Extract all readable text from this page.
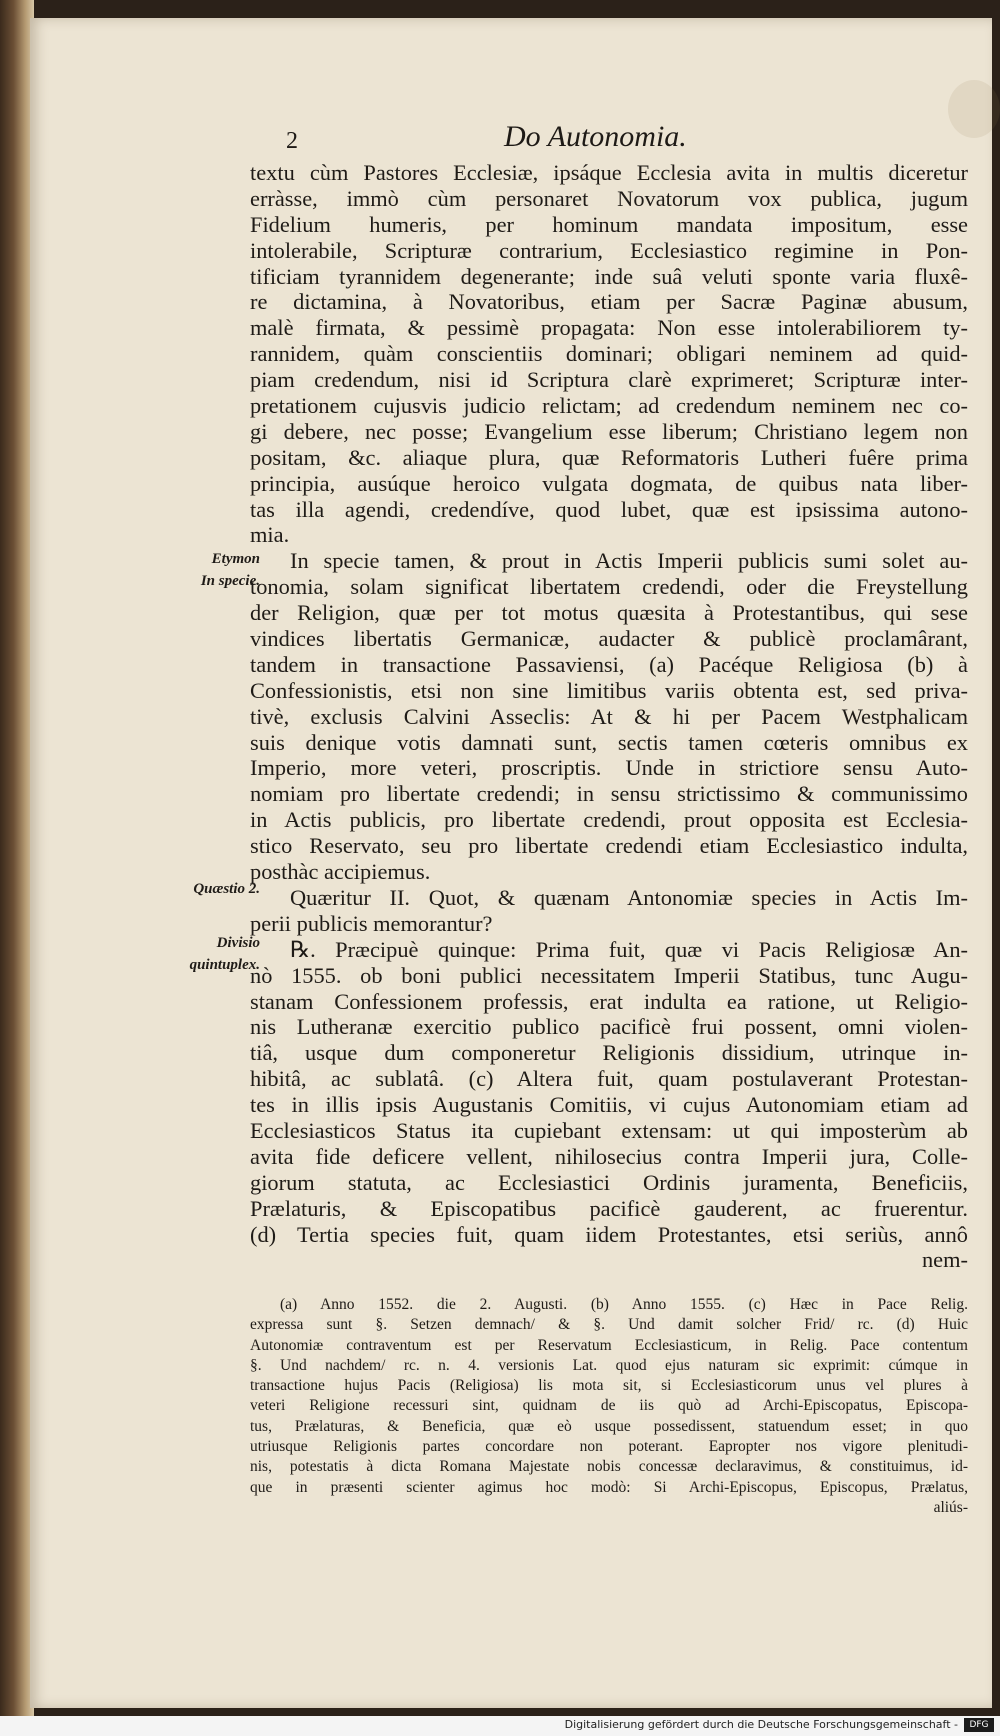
2	Do Autonomia.
Etymon
In specie.
Quæstio 2.
Divisio
quintuplex.
textu cùm Pastores Ecclesiæ, ipsáque Ecclesia avita in multis diceretur
erràsse, immò cùm personaret Novatorum vox publica, jugum
Fidelium humeris, per hominum mandata impositum, esse
intolerabile, Scripturæ contrarium, Ecclesiastico regimine in Pon-
tificiam tyrannidem degenerante; inde suâ veluti sponte varia fluxê-
re dictamina, à Novatoribus, etiam per Sacræ Paginæ abusum,
malè firmata, & pessimè propagata: Non esse intolerabiliorem ty-
rannidem, quàm conscientiis dominari; obligari neminem ad quid-
piam credendum, nisi id Scriptura clarè exprimeret; Scripturæ inter-
pretationem cujusvis judicio relictam; ad credendum neminem nec co-
gi debere, nec posse; Evangelium esse liberum; Christiano legem non
positam, &c. aliaque plura, quæ Reformatoris Lutheri fuêre prima
principia, ausúque heroico vulgata dogmata, de quibus nata liber-
tas illa agendi, credendíve, quod lubet, quæ est ipsissima autono-
mia.
In specie tamen, & prout in Actis Imperii publicis sumi solet au-
tonomia, solam significat libertatem credendi, oder die Freystellung
der Religion, quæ per tot motus quæsita à Protestantibus, qui sese
vindices libertatis Germanicæ, audacter & publicè proclamârant,
tandem in transactione Passaviensi, (a) Pacéque Religiosa (b) à
Confessionistis, etsi non sine limitibus variis obtenta est, sed priva-
tivè, exclusis Calvini Asseclis: At & hi per Pacem Westphalicam
suis denique votis damnati sunt, sectis tamen cœteris omnibus ex
Imperio, more veteri, proscriptis. Unde in strictiore sensu Auto-
nomiam pro libertate credendi; in sensu strictissimo & communissimo
in Actis publicis, pro libertate credendi, prout opposita est Ecclesia-
stico Reservato, seu pro libertate credendi etiam Ecclesiastico indulta,
posthàc accipiemus.
Quæritur II. Quot, & quænam Antonomiæ species in Actis Im-
perii publicis memorantur?
℞. Præcipuè quinque: Prima fuit, quæ vi Pacis Religiosæ An-
nò 1555. ob boni publici necessitatem Imperii Statibus, tunc Augu-
stanam Confessionem professis, erat indulta ea ratione, ut Religio-
nis Lutheranæ exercitio publico pacificè frui possent, omni violen-
tiâ, usque dum componeretur Religionis dissidium, utrinque in-
hibitâ, ac sublatâ. (c) Altera fuit, quam postulaverant Protestan-
tes in illis ipsis Augustanis Comitiis, vi cujus Autonomiam etiam ad
Ecclesiasticos Status ita cupiebant extensam: ut qui imposterùm ab
avita fide deficere vellent, nihilosecius contra Imperii jura, Colle-
giorum statuta, ac Ecclesiastici Ordinis juramenta, Beneficiis,
Prælaturis, & Episcopatibus pacificè gauderent, ac fruerentur.
(d) Tertia species fuit, quam iidem Protestantes, etsi seriùs, annô
nem-
(a) Anno 1552. die 2. Augusti. (b) Anno 1555. (c) Hæc in Pace Relig.
expressa sunt §. Setzen demnach/ & §. Und damit solcher Frid/ rc. (d) Huic
Autonomiæ contraventum est per Reservatum Ecclesiasticum, in Relig. Pace contentum
§. Und nachdem/ rc. n. 4. versionis Lat. quod ejus naturam sic exprimit: cúmque in
transactione hujus Pacis (Religiosa) lis mota sit, si Ecclesiasticorum unus vel plures à
veteri Religione recessuri sint, quidnam de iis quò ad Archi-Episcopatus, Episcopa-
tus, Prælaturas, & Beneficia, quæ eò usque possedissent, statuendum esset; in quo
utriusque Religionis partes concordare non poterant. Eapropter nos vigore plenitudi-
nis, potestatis à dicta Romana Majestate nobis concessæ declaravimus, & constituimus, id-
que in præsenti scienter agimus hoc modò: Si Archi-Episcopus, Episcopus, Prælatus,
aliús-
Digitalisierung gefördert durch die Deutsche Forschungsgemeinschaft -	DFG
